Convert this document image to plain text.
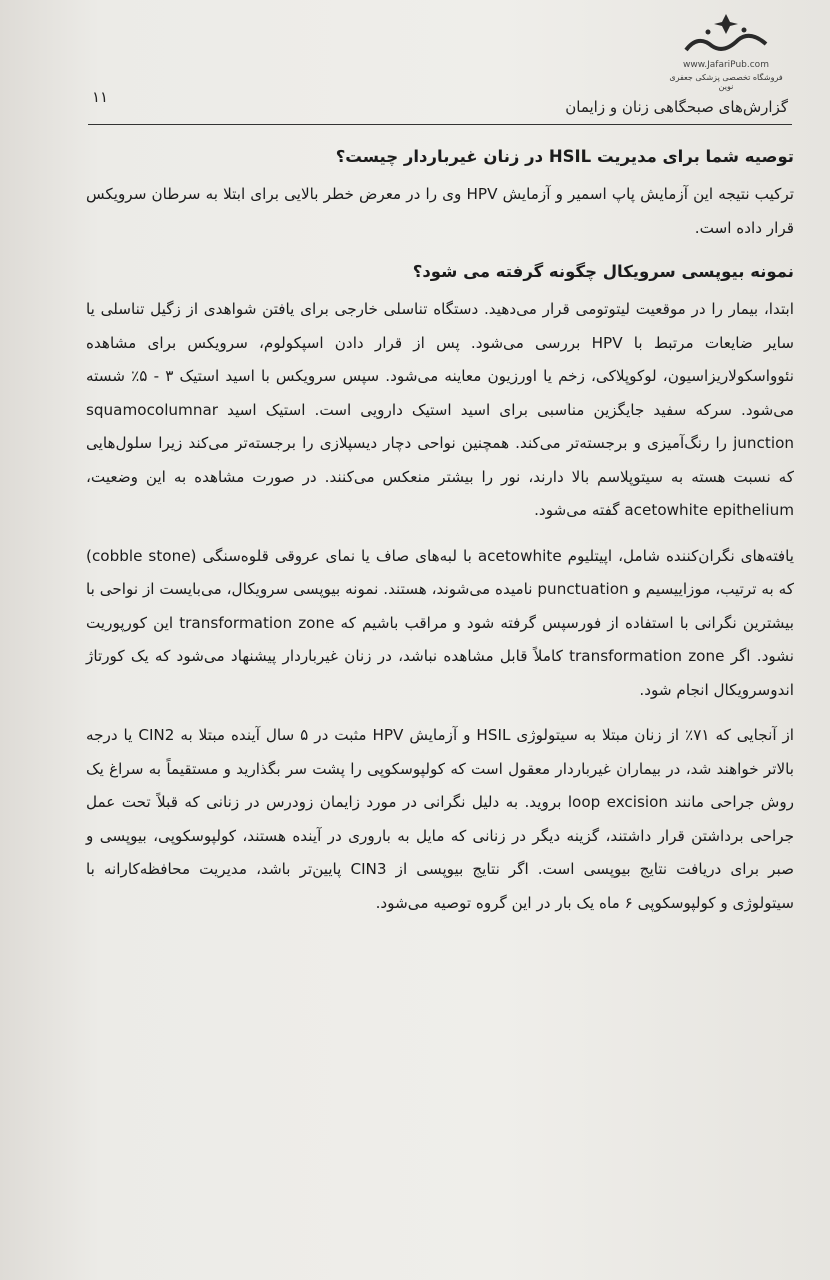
www.JafariPub.com
فروشگاه تخصصی پزشکی جعفری نوین
۱۱
گزارش‌های صبحگاهی زنان و زایمان
توصیه شما برای مدیریت HSIL در زنان غیرباردار چیست؟

ترکیب نتیجه این آزمایش پاپ اسمیر و آزمایش HPV وی را در معرض خطر بالایی برای ابتلا به سرطان سرویکس قرار داده است.

نمونه بیوپسی سرویکال چگونه گرفته می شود؟

ابتدا، بیمار را در موقعیت لیتوتومی قرار می‌دهید. دستگاه تناسلی خارجی برای یافتن شواهدی از زگیل تناسلی یا سایر ضایعات مرتبط با HPV بررسی می‌شود. پس از قرار دادن اسپکولوم، سرویکس برای مشاهده نئوواسکولاریزاسیون، لوکوپلاکی، زخم یا اورزیون معاینه می‌شود. سپس سرویکس با اسید استیک ۳ - ۵٪ شسته می‌شود. سرکه سفید جایگزین مناسبی برای اسید استیک دارویی است. استیک اسید squamocolumnar junction را رنگ‌آمیزی و برجسته‌تر می‌کند. همچنین نواحی دچار دیسپلازی را برجسته‌تر می‌کند زیرا سلول‌هایی که نسبت هسته به سیتوپلاسم بالا دارند، نور را بیشتر منعکس می‌کنند. در صورت مشاهده به این وضعیت، acetowhite epithelium گفته می‌شود.

یافته‌های نگران‌کننده شامل، اپیتلیوم acetowhite با لبه‌های صاف یا نمای عروقی قلوه‌سنگی (cobble stone) که به ترتیب، موزاییسیم و punctuation نامیده می‌شوند، هستند. نمونه بیوپسی سرویکال، می‌بایست از نواحی با بیشترین نگرانی با استفاده از فورسپس گرفته شود و مراقب باشیم که transformation zone این کورپوریت نشود. اگر transformation zone کاملاً قابل مشاهده نباشد، در زنان غیرباردار پیشنهاد می‌شود که یک کورتاژ اندوسرویکال انجام شود.

از آنجایی که ۷۱٪ از زنان مبتلا به سیتولوژی HSIL و آزمایش HPV مثبت در ۵ سال آینده مبتلا به CIN2 یا درجه بالاتر خواهند شد، در بیماران غیرباردار معقول است که کولپوسکوپی را پشت سر بگذارید و مستقیماً به سراغ یک روش جراحی مانند loop excision بروید. به دلیل نگرانی در مورد زایمان زودرس در زنانی که قبلاً تحت عمل جراحی برداشتن قرار داشتند، گزینه دیگر در زنانی که مایل به باروری در آینده هستند، کولپوسکوپی، بیوپسی و صبر برای دریافت نتایج بیوپسی است. اگر نتایج بیوپسی از CIN3 پایین‌تر باشد، مدیریت محافظه‌کارانه با سیتولوژی و کولپوسکوپی ۶ ماه یک بار در این گروه توصیه می‌شود.
